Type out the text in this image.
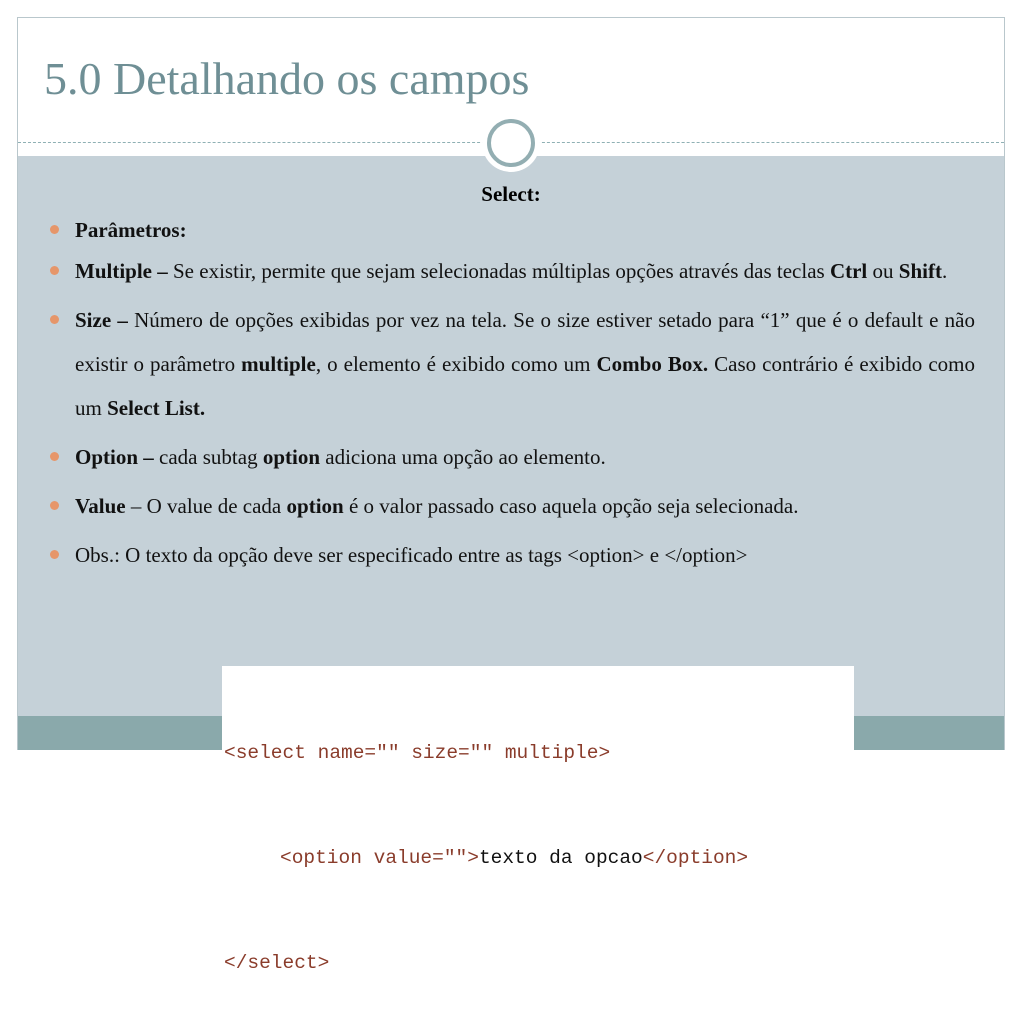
5.0 Detalhando os campos
Select:
Parâmetros:
Multiple – Se existir, permite que sejam selecionadas múltiplas opções através das teclas Ctrl ou Shift.
Size – Número de opções exibidas por vez na tela. Se o size estiver setado para “1” que é o default e não existir o parâmetro multiple, o elemento é exibido como um Combo Box. Caso contrário é exibido como um Select List.
Option – cada subtag option adiciona uma opção ao elemento.
Value – O value de cada option é o valor passado caso aquela opção seja selecionada.
Obs.: O texto da opção deve ser especificado entre as tags <option> e </option>

<select name="" size="" multiple>

<option value="">texto da opcao</option>

</select>
